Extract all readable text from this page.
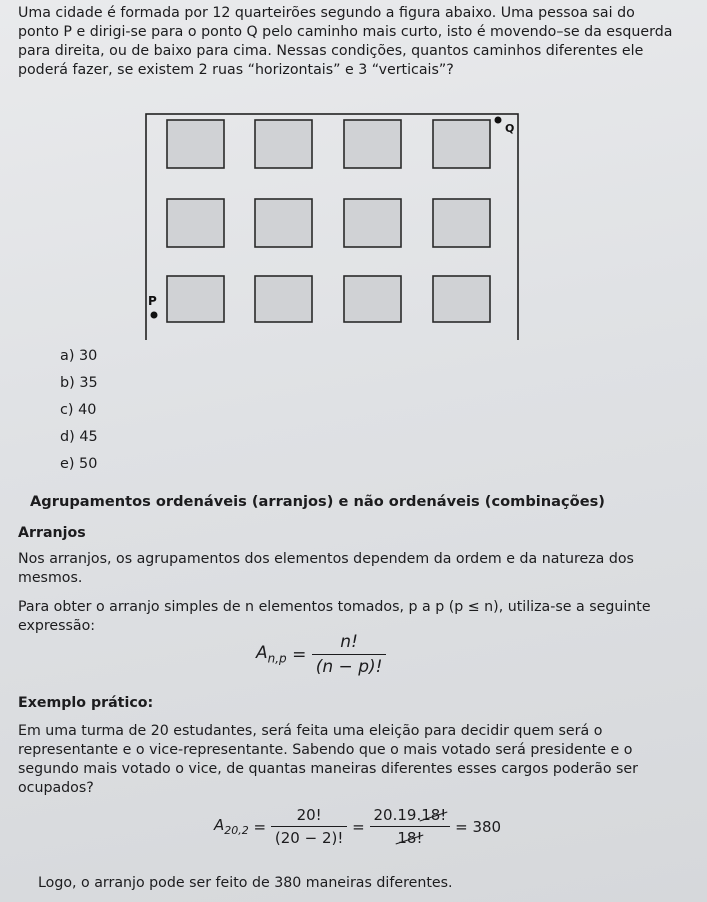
Uma cidade é formada por 12 quarteirões segundo a figura abaixo. Uma pessoa sai do
ponto P e dirigi-se para o ponto Q pelo caminho mais curto, isto é movendo–se da esquerda
para direita, ou de baixo para cima. Nessas condições, quantos caminhos diferentes ele
poderá fazer, se existem 2 ruas “horizontais” e 3 “verticais”?
P
Q
a) 30
b) 35
c) 40
d) 45
e) 50
Agrupamentos ordenáveis (arranjos) e não ordenáveis (combinações)
Arranjos
Nos arranjos, os agrupamentos dos elementos dependem da ordem e da natureza dos
mesmos.
Para obter o arranjo simples de n elementos tomados, p a p (p ≤ n), utiliza-se a seguinte
expressão:
$A_{n,p} = \frac{n!}{(n - p)!}$
Exemplo prático:
Em uma turma de 20 estudantes, será feita uma eleição para decidir quem será o
representante e o vice-representante. Sabendo que o mais votado será presidente e o
segundo mais votado o vice, de quantas maneiras diferentes esses cargos poderão ser
ocupados?
$A_{20,2} = \frac{20!}{(20 - 2)!} = \frac{20.19.18!}{18!} = 380$
Logo, o arranjo pode ser feito de 380 maneiras diferentes.
